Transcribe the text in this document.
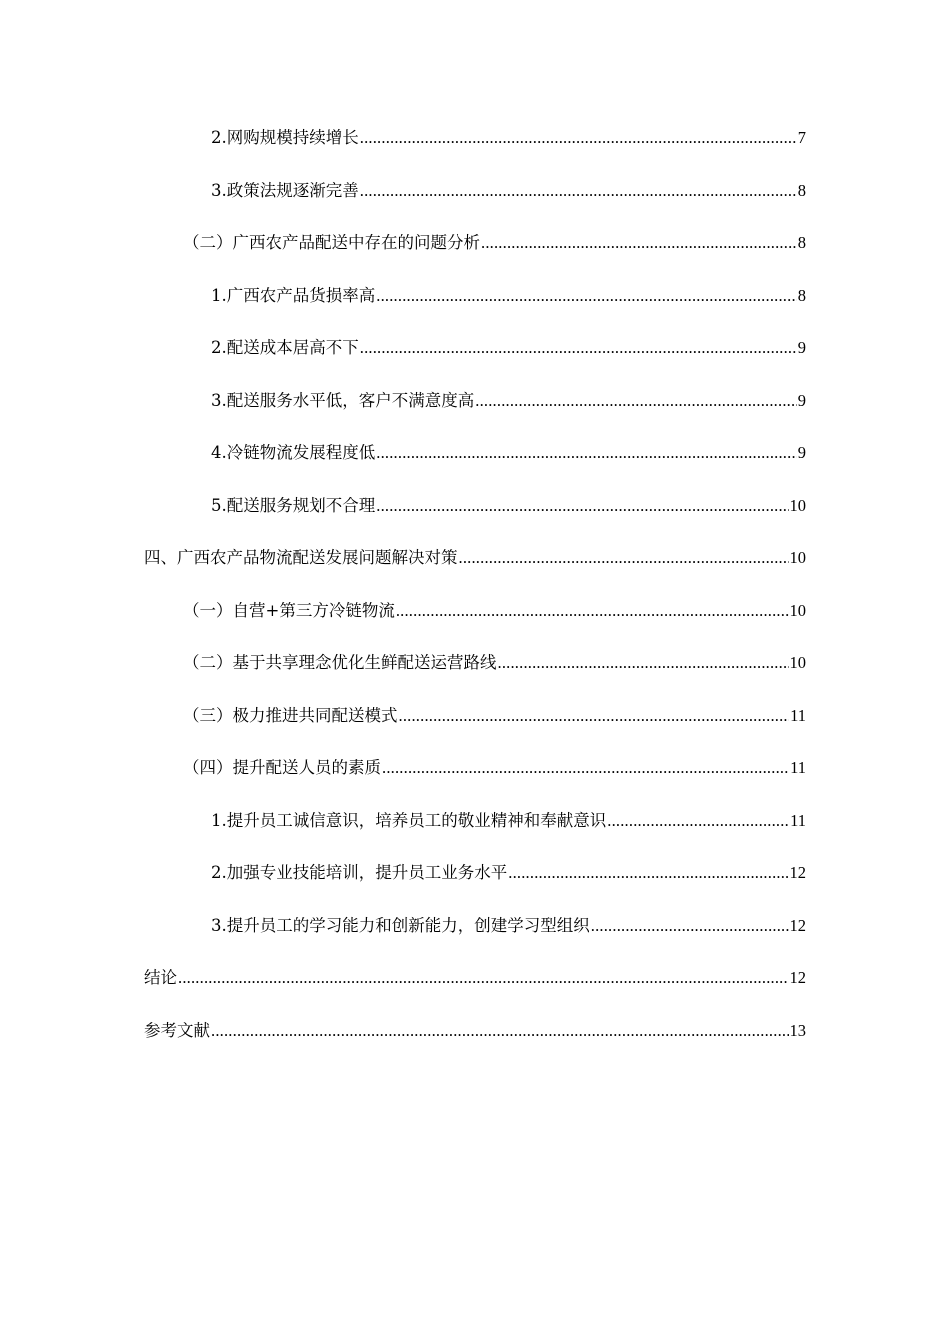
2.网购规模持续增长 .....	7
3.政策法规逐渐完善 .....	8
（二）广西农产品配送中存在的问题分析 .....	8
1.广西农产品货损率高 .....	8
2.配送成本居高不下 .....	9
3.配送服务水平低，客户不满意度高 .....	9
4.冷链物流发展程度低 .....	9
5.配送服务规划不合理 .....	10
四、广西农产品物流配送发展问题解决对策 .....	10
（一）自营+第三方冷链物流 .....	10
（二）基于共享理念优化生鲜配送运营路线 .....	10
（三）极力推进共同配送模式 .....	11
（四）提升配送人员的素质 .....	11
1.提升员工诚信意识，培养员工的敬业精神和奉献意识 .....	11
2.加强专业技能培训，提升员工业务水平 .....	12
3.提升员工的学习能力和创新能力，创建学习型组织 .....	12
结论 .....	12
参考文献 .....	13
